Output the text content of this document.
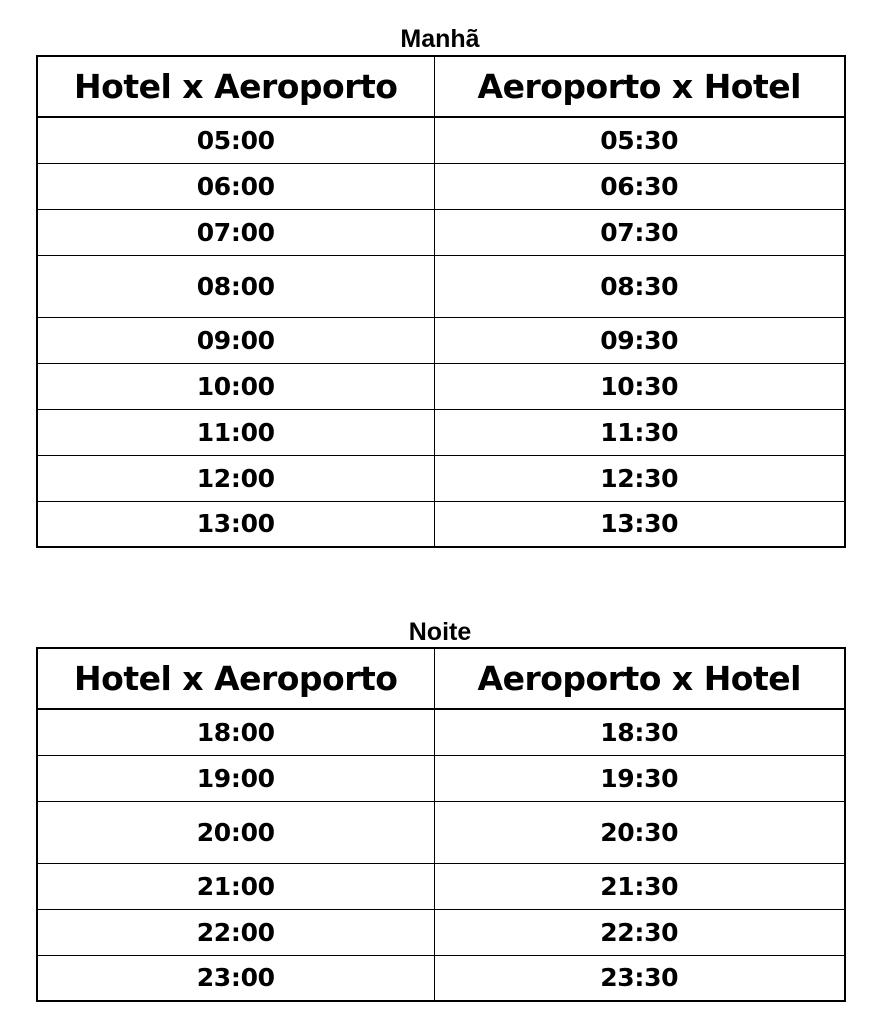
Manhã
Hotel x Aeroporto	Aeroporto x Hotel
05:00	05:30
06:00	06:30
07:00	07:30
08:00	08:30
09:00	09:30
10:00	10:30
11:00	11:30
12:00	12:30
13:00	13:30
Noite
Hotel x Aeroporto	Aeroporto x Hotel
18:00	18:30
19:00	19:30
20:00	20:30
21:00	21:30
22:00	22:30
23:00	23:30
